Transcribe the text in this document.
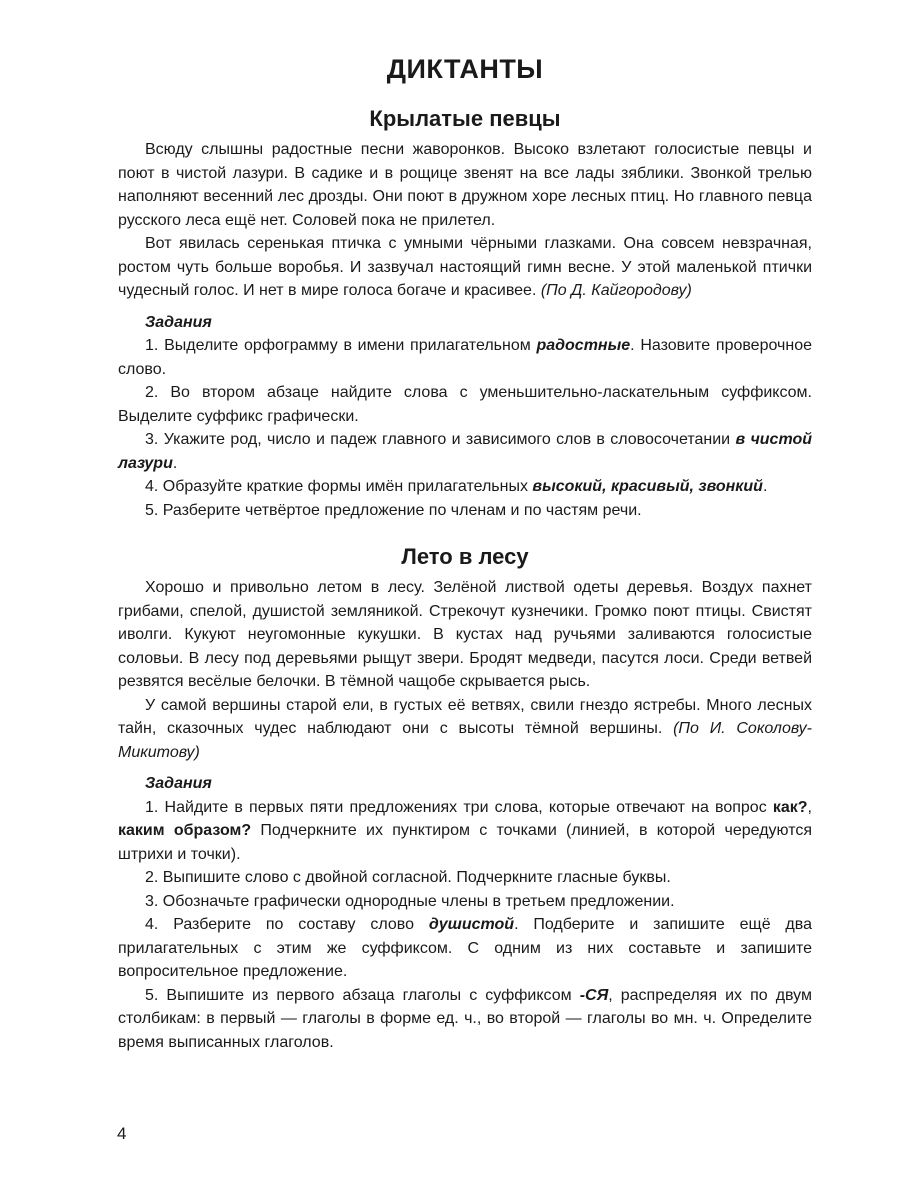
ДИКТАНТЫ
Крылатые певцы

Всюду слышны радостные песни жаворонков. Высоко взлетают голосистые певцы и поют в чистой лазури. В садике и в рощице звенят на все лады зяблики. Звонкой трелью наполняют весенний лес дрозды. Они поют в дружном хоре лесных птиц. Но главного певца русского леса ещё нет. Соловей пока не прилетел.

Вот явилась серенькая птичка с умными чёрными глазками. Она совсем невзрачная, ростом чуть больше воробья. И зазвучал настоящий гимн весне. У этой маленькой птички чудесный голос. И нет в мире голоса богаче и красивее. (По Д. Кайгородову)

Задания

1. Выделите орфограмму в имени прилагательном радостные. Назовите проверочное слово.

2. Во втором абзаце найдите слова с уменьшительно-ласкательным суффиксом. Выделите суффикс графически.

3. Укажите род, число и падеж главного и зависимого слов в словосочетании в чистой лазури.

4. Образуйте краткие формы имён прилагательных высокий, красивый, звонкий.

5. Разберите четвёртое предложение по членам и по частям речи.

Лето в лесу

Хорошо и привольно летом в лесу. Зелёной листвой одеты деревья. Воздух пахнет грибами, спелой, душистой земляникой. Стрекочут кузнечики. Громко поют птицы. Свистят иволги. Кукуют неугомонные кукушки. В кустах над ручьями заливаются голосистые соловьи. В лесу под деревьями рыщут звери. Бродят медведи, пасутся лоси. Среди ветвей резвятся весёлые белочки. В тёмной чащобе скрывается рысь.

У самой вершины старой ели, в густых её ветвях, свили гнездо ястребы. Много лесных тайн, сказочных чудес наблюдают они с высоты тёмной вершины. (По И. Соколову-Микитову)

Задания

1. Найдите в первых пяти предложениях три слова, которые отвечают на вопрос как?, каким образом? Подчеркните их пунктиром с точками (линией, в которой чередуются штрихи и точки).

2. Выпишите слово с двойной согласной. Подчеркните гласные буквы.

3. Обозначьте графически однородные члены в третьем предложении.

4. Разберите по составу слово душистой. Подберите и запишите ещё два прилагательных с этим же суффиксом. С одним из них составьте и запишите вопросительное предложение.

5. Выпишите из первого абзаца глаголы с суффиксом -СЯ, распределяя их по двум столбикам: в первый — глаголы в форме ед. ч., во второй — глаголы во мн. ч. Определите время выписанных глаголов.

4
